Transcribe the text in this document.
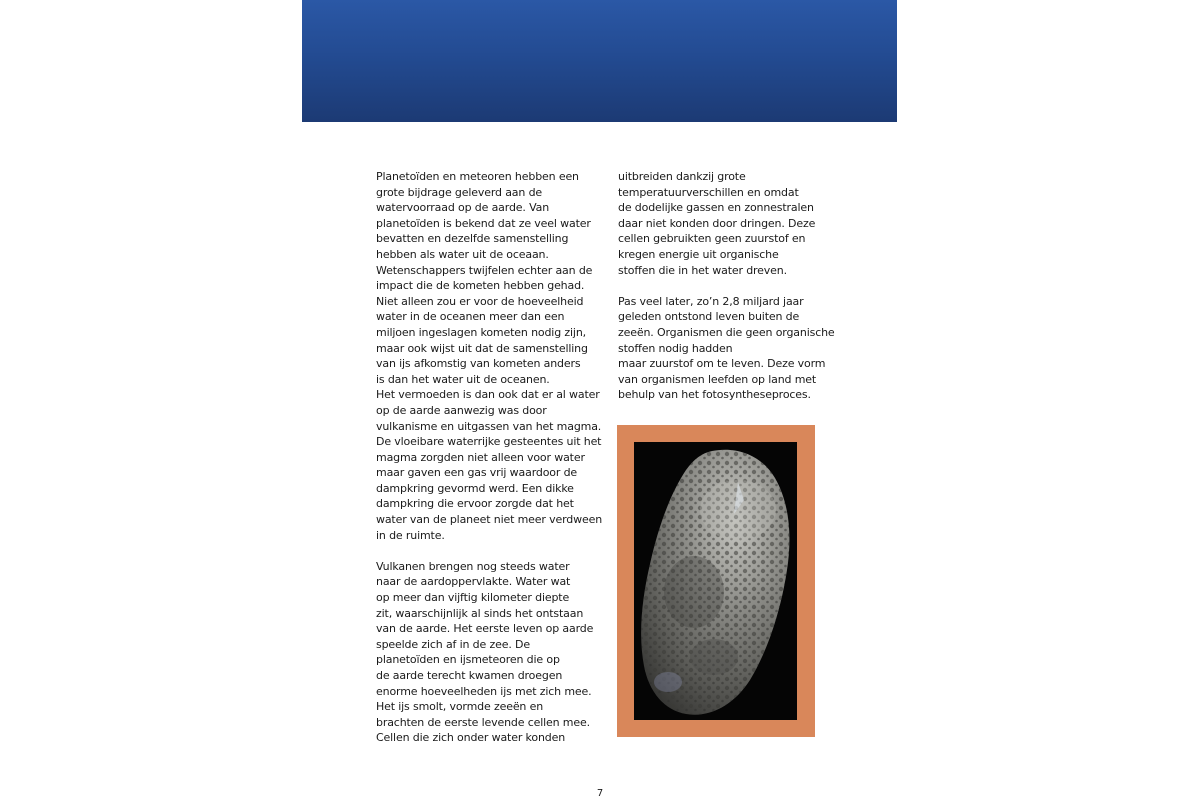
Planetoïden en meteoren hebben een
grote bijdrage geleverd aan de
watervoorraad op de aarde. Van
planetoïden is bekend dat ze veel water
bevatten en dezelfde samenstelling
hebben als water uit de oceaan.
Wetenschappers twijfelen echter aan de
impact die de kometen hebben gehad.
Niet alleen zou er voor de hoeveelheid
water in de oceanen meer dan een
miljoen ingeslagen kometen nodig zijn,
maar ook wijst uit dat de samenstelling
van ijs afkomstig van kometen anders
is dan het water uit de oceanen.
Het vermoeden is dan ook dat er al water
op de aarde aanwezig was door
vulkanisme en uitgassen van het magma.
De vloeibare waterrijke gesteentes uit het
magma zorgden niet alleen voor water
maar gaven een gas vrij waardoor de
dampkring gevormd werd. Een dikke
dampkring die ervoor zorgde dat het
water van de planeet niet meer verdween
in de ruimte.
Vulkanen brengen nog steeds water
naar de aardoppervlakte. Water wat
op meer dan vijftig kilometer diepte
zit, waarschijnlijk al sinds het ontstaan
van de aarde. Het eerste leven op aarde
speelde zich af in de zee. De
planetoïden en ijsmeteoren die op
de aarde terecht kwamen droegen
enorme hoeveelheden ijs met zich mee.
Het ijs smolt, vormde zeeën en
brachten de eerste levende cellen mee.
Cellen die zich onder water konden
uitbreiden dankzij grote
temperatuurverschillen en omdat
de dodelijke gassen en zonnestralen
daar niet konden door dringen. Deze
cellen gebruikten geen zuurstof en
kregen energie uit organische
stoffen die in het water dreven.
Pas veel later, zo’n 2,8 miljard jaar
geleden ontstond leven buiten de
zeeën. Organismen die geen organische
stoffen nodig hadden
maar zuurstof om te leven. Deze vorm
van organismen leefden op land met
behulp van het fotosyntheseproces.
7
